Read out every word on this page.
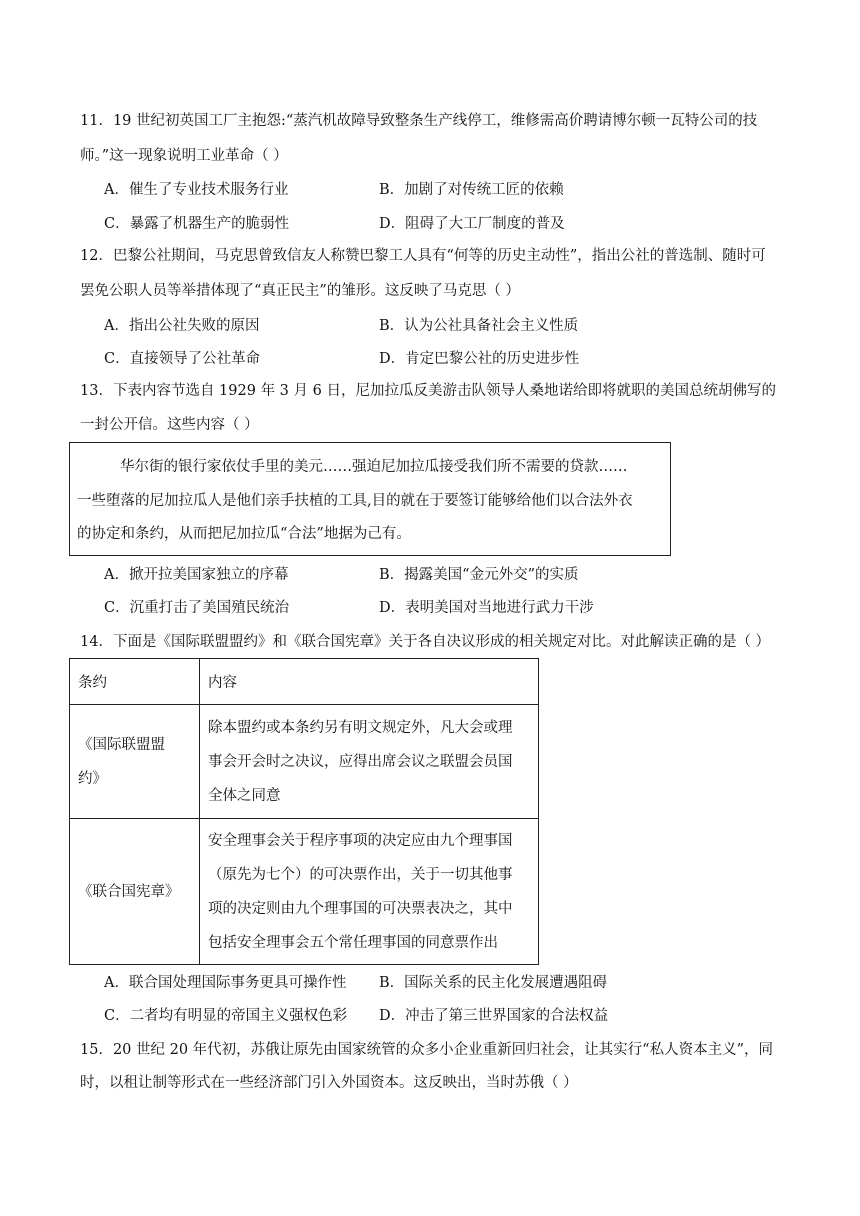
11．19 世纪初英国工厂主抱怨:“蒸汽机故障导致整条生产线停工，维修需高价聘请博尔顿一瓦特公司的技
师。”这一现象说明工业革命（ ）
A．催生了专业技术服务行业	B．加剧了对传统工匠的依赖
C．暴露了机器生产的脆弱性	D．阻碍了大工厂制度的普及
12．巴黎公社期间，马克思曾致信友人称赞巴黎工人具有“何等的历史主动性”，指出公社的普选制、随时可
罢免公职人员等举措体现了“真正民主”的雏形。这反映了马克思（ ）
A．指出公社失败的原因	B．认为公社具备社会主义性质
C．直接领导了公社革命	D．肯定巴黎公社的历史进步性
13．下表内容节选自 1929 年 3 月 6 日，尼加拉瓜反美游击队领导人桑地诺给即将就职的美国总统胡佛写的
一封公开信。这些内容（ ）
华尔街的银行家依仗手里的美元……强迫尼加拉瓜接受我们所不需要的贷款……
一些堕落的尼加拉瓜人是他们亲手扶植的工具,目的就在于要签订能够给他们以合法外衣
的协定和条约，从而把尼加拉瓜“合法”地据为己有。
A．掀开拉美国家独立的序幕	B．揭露美国“金元外交”的实质
C．沉重打击了美国殖民统治	D．表明美国对当地进行武力干涉
14．下面是《国际联盟盟约》和《联合国宪章》关于各自决议形成的相关规定对比。对此解读正确的是（ ）
条约	内容

《国际联盟盟
约》	除本盟约或本条约另有明文规定外，凡大会或理
事会开会时之决议，应得出席会议之联盟会员国
全体之同意

《联合国宪章》	安全理事会关于程序事项的决定应由九个理事国
（原先为七个）的可决票作出，关于一切其他事
项的决定则由九个理事国的可决票表决之，其中
包括安全理事会五个常任理事国的同意票作出
A．联合国处理国际事务更具可操作性 B．国际关系的民主化发展遭遇阻碍
C．二者均有明显的帝国主义强权色彩 D．冲击了第三世界国家的合法权益
15．20 世纪 20 年代初，苏俄让原先由国家统管的众多小企业重新回归社会，让其实行“私人资本主义”，同
时，以租让制等形式在一些经济部门引入外国资本。这反映出，当时苏俄（ ）
